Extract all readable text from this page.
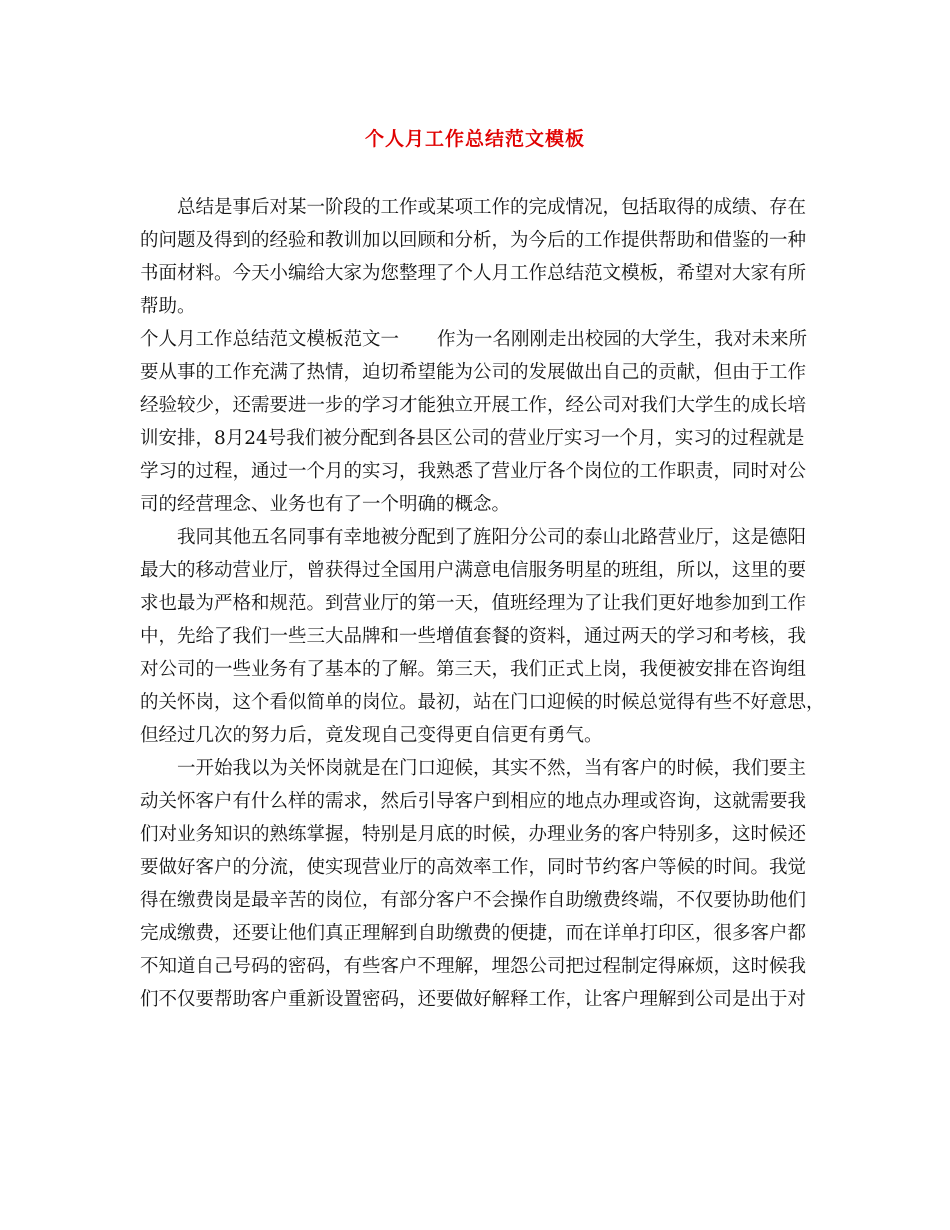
个人月工作总结范文模板
总结是事后对某一阶段的工作或某项工作的完成情况，包括取得的成绩、存在
的问题及得到的经验和教训加以回顾和分析，为今后的工作提供帮助和借鉴的一种
书面材料。今天小编给大家为您整理了个人月工作总结范文模板，希望对大家有所
帮助。
个人月工作总结范文模板范文一 作为一名刚刚走出校园的大学生，我对未来所
要从事的工作充满了热情，迫切希望能为公司的发展做出自己的贡献，但由于工作
经验较少，还需要进一步的学习才能独立开展工作，经公司对我们大学生的成长培
训安排，8月24号我们被分配到各县区公司的营业厅实习一个月，实习的过程就是
学习的过程，通过一个月的实习，我熟悉了营业厅各个岗位的工作职责，同时对公
司的经营理念、业务也有了一个明确的概念。
我同其他五名同事有幸地被分配到了旌阳分公司的泰山北路营业厅，这是德阳
最大的移动营业厅，曾获得过全国用户满意电信服务明星的班组，所以，这里的要
求也最为严格和规范。到营业厅的第一天，值班经理为了让我们更好地参加到工作
中，先给了我们一些三大品牌和一些增值套餐的资料，通过两天的学习和考核，我
对公司的一些业务有了基本的了解。第三天，我们正式上岗，我便被安排在咨询组
的关怀岗，这个看似简单的岗位。最初，站在门口迎候的时候总觉得有些不好意思，
但经过几次的努力后，竟发现自己变得更自信更有勇气。
一开始我以为关怀岗就是在门口迎候，其实不然，当有客户的时候，我们要主
动关怀客户有什么样的需求，然后引导客户到相应的地点办理或咨询，这就需要我
们对业务知识的熟练掌握，特别是月底的时候，办理业务的客户特别多，这时候还
要做好客户的分流，使实现营业厅的高效率工作，同时节约客户等候的时间。我觉
得在缴费岗是最辛苦的岗位，有部分客户不会操作自助缴费终端，不仅要协助他们
完成缴费，还要让他们真正理解到自助缴费的便捷，而在详单打印区，很多客户都
不知道自己号码的密码，有些客户不理解，埋怨公司把过程制定得麻烦，这时候我
们不仅要帮助客户重新设置密码，还要做好解释工作，让客户理解到公司是出于对
